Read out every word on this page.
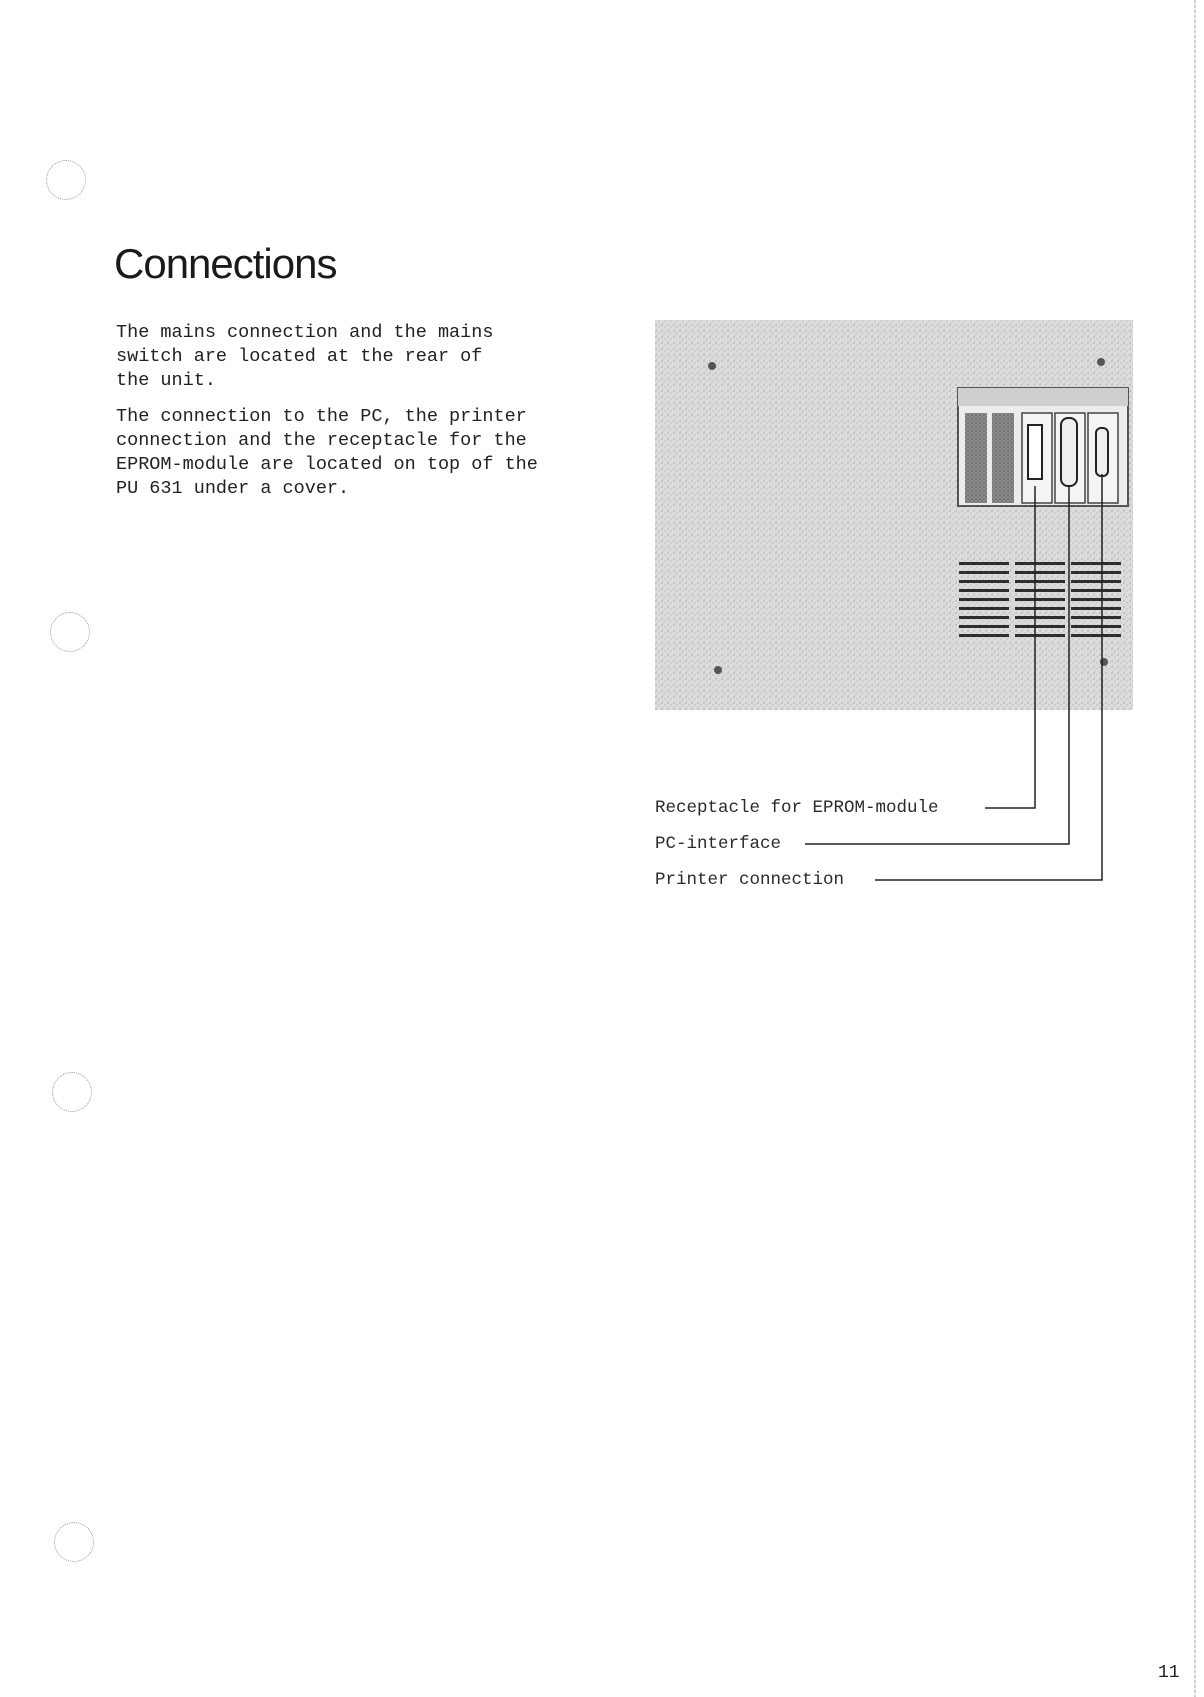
Connections

The mains connection and the mains
switch are located at the rear of
the unit.

The connection to the PC, the printer
connection and the receptacle for the
EPROM-module are located on top of the
PU 631 under a cover.

Receptacle for EPROM-module
PC-interface
Printer connection
11
